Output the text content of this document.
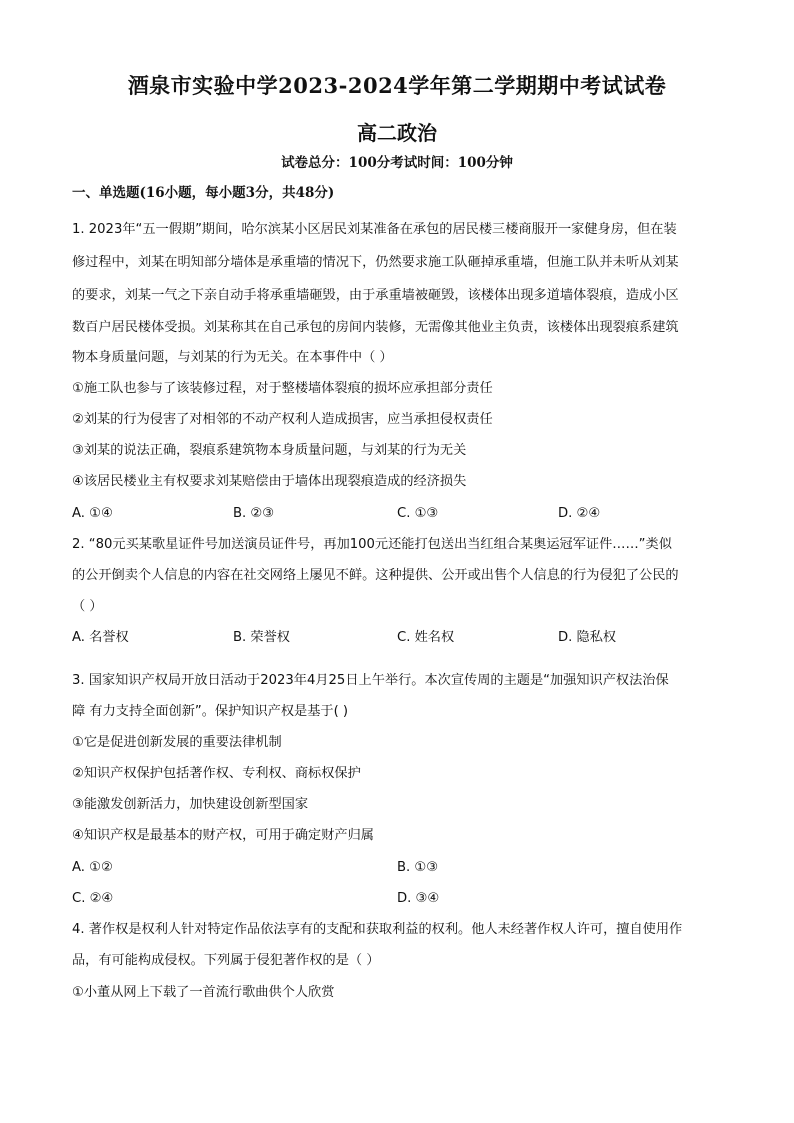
酒泉市实验中学2023-2024学年第二学期期中考试试卷
高二政治
试卷总分：100分考试时间：100分钟
一、单选题(16小题，每小题3分，共48分)
1. 2023年“五一假期”期间，哈尔滨某小区居民刘某准备在承包的居民楼三楼商服开一家健身房，但在装
修过程中，刘某在明知部分墙体是承重墙的情况下，仍然要求施工队砸掉承重墙，但施工队并未听从刘某
的要求，刘某一气之下亲自动手将承重墙砸毁，由于承重墙被砸毁，该楼体出现多道墙体裂痕，造成小区
数百户居民楼体受损。刘某称其在自己承包的房间内装修，无需像其他业主负责，该楼体出现裂痕系建筑
物本身质量问题，与刘某的行为无关。在本事件中（ ）
①施工队也参与了该装修过程，对于整楼墙体裂痕的损坏应承担部分责任
②刘某的行为侵害了对相邻的不动产权利人造成损害，应当承担侵权责任
③刘某的说法正确，裂痕系建筑物本身质量问题，与刘某的行为无关
④该居民楼业主有权要求刘某赔偿由于墙体出现裂痕造成的经济损失
A. ①④	B. ②③	C. ①③	D. ②④
2. “80元买某歌星证件号加送演员证件号，再加100元还能打包送出当红组合某奥运冠军证件……”类似
的公开倒卖个人信息的内容在社交网络上屡见不鲜。这种提供、公开或出售个人信息的行为侵犯了公民的
（ ）
A. 名誉权	B. 荣誉权	C. 姓名权	D. 隐私权
3. 国家知识产权局开放日活动于2023年4月25日上午举行。本次宣传周的主题是“加强知识产权法治保
障 有力支持全面创新”。保护知识产权是基于( )
①它是促进创新发展的重要法律机制
②知识产权保护包括著作权、专利权、商标权保护
③能激发创新活力，加快建设创新型国家
④知识产权是最基本的财产权，可用于确定财产归属
A. ①②	B. ①③
C. ②④	D. ③④
4. 著作权是权利人针对特定作品依法享有的支配和获取利益的权利。他人未经著作权人许可，擅自使用作
品，有可能构成侵权。下列属于侵犯著作权的是（ ）
①小董从网上下载了一首流行歌曲供个人欣赏
